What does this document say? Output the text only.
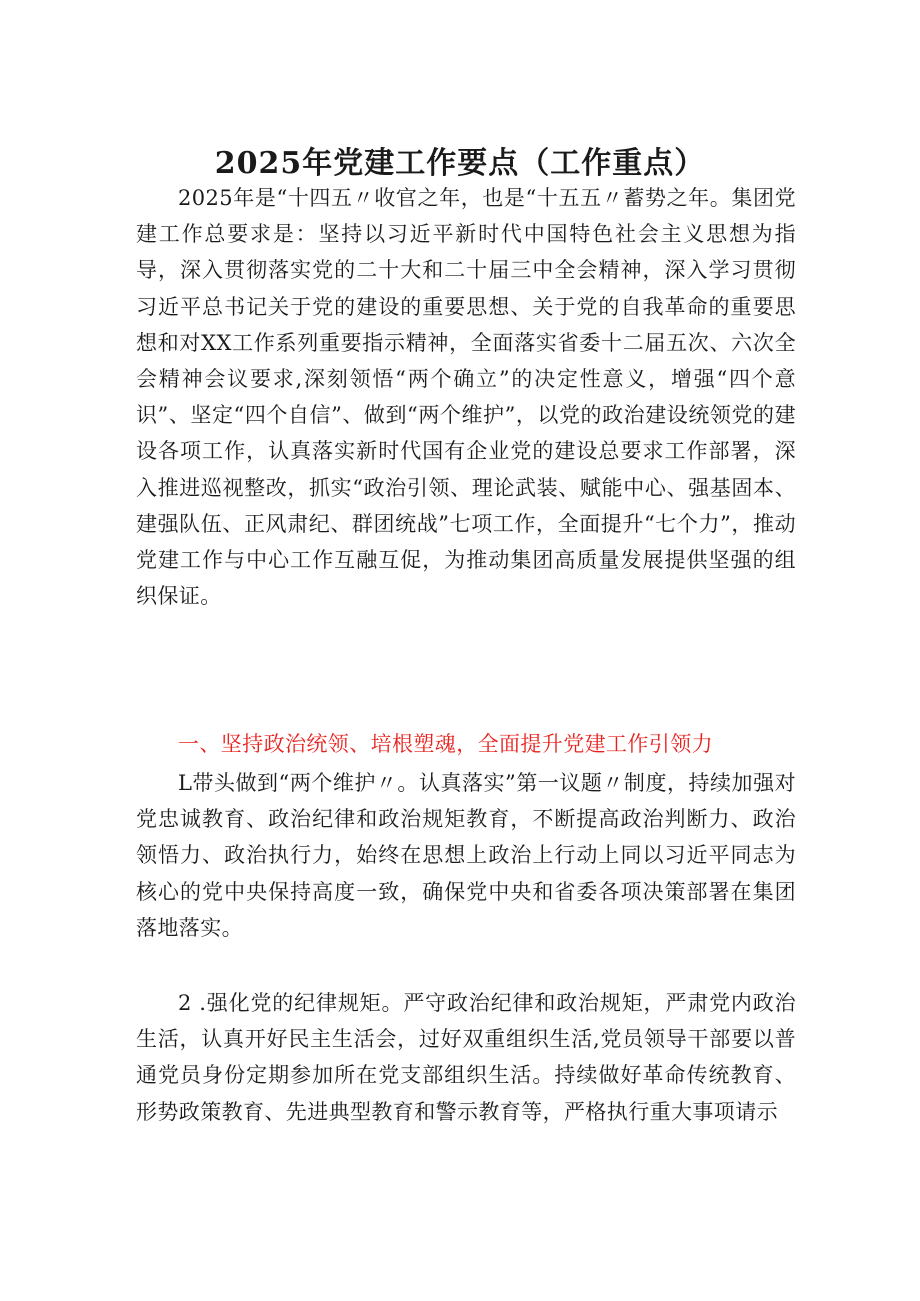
2025年党建工作要点（工作重点）

2025年是“十四五〃收官之年，也是“十五五〃蓄势之年。集团党建工作总要求是：坚持以习近平新时代中国特色社会主义思想为指导，深入贯彻落实党的二十大和二十届三中全会精神，深入学习贯彻习近平总书记关于党的建设的重要思想、关于党的自我革命的重要思想和对XX工作系列重要指示精神，全面落实省委十二届五次、六次全会精神会议要求,深刻领悟“两个确立”的决定性意义，增强“四个意识”、坚定“四个自信”、做到“两个维护”，以党的政治建设统领党的建设各项工作，认真落实新时代国有企业党的建设总要求工作部署，深入推进巡视整改，抓实“政治引领、理论武装、赋能中心、强基固本、建强队伍、正风肃纪、群团统战”七项工作，全面提升“七个力”，推动党建工作与中心工作互融互促，为推动集团高质量发展提供坚强的组织保证。

一、坚持政治统领、培根塑魂，全面提升党建工作引领力

L带头做到“两个维护〃。认真落实”第一议题〃制度，持续加强对党忠诚教育、政治纪律和政治规矩教育，不断提高政治判断力、政治领悟力、政治执行力，始终在思想上政治上行动上同以习近平同志为核心的党中央保持高度一致，确保党中央和省委各项决策部署在集团落地落实。

2 .强化党的纪律规矩。严守政治纪律和政治规矩，严肃党内政治生活，认真开好民主生活会，过好双重组织生活,党员领导干部要以普通党员身份定期参加所在党支部组织生活。持续做好革命传统教育、形势政策教育、先进典型教育和警示教育等，严格执行重大事项请示
